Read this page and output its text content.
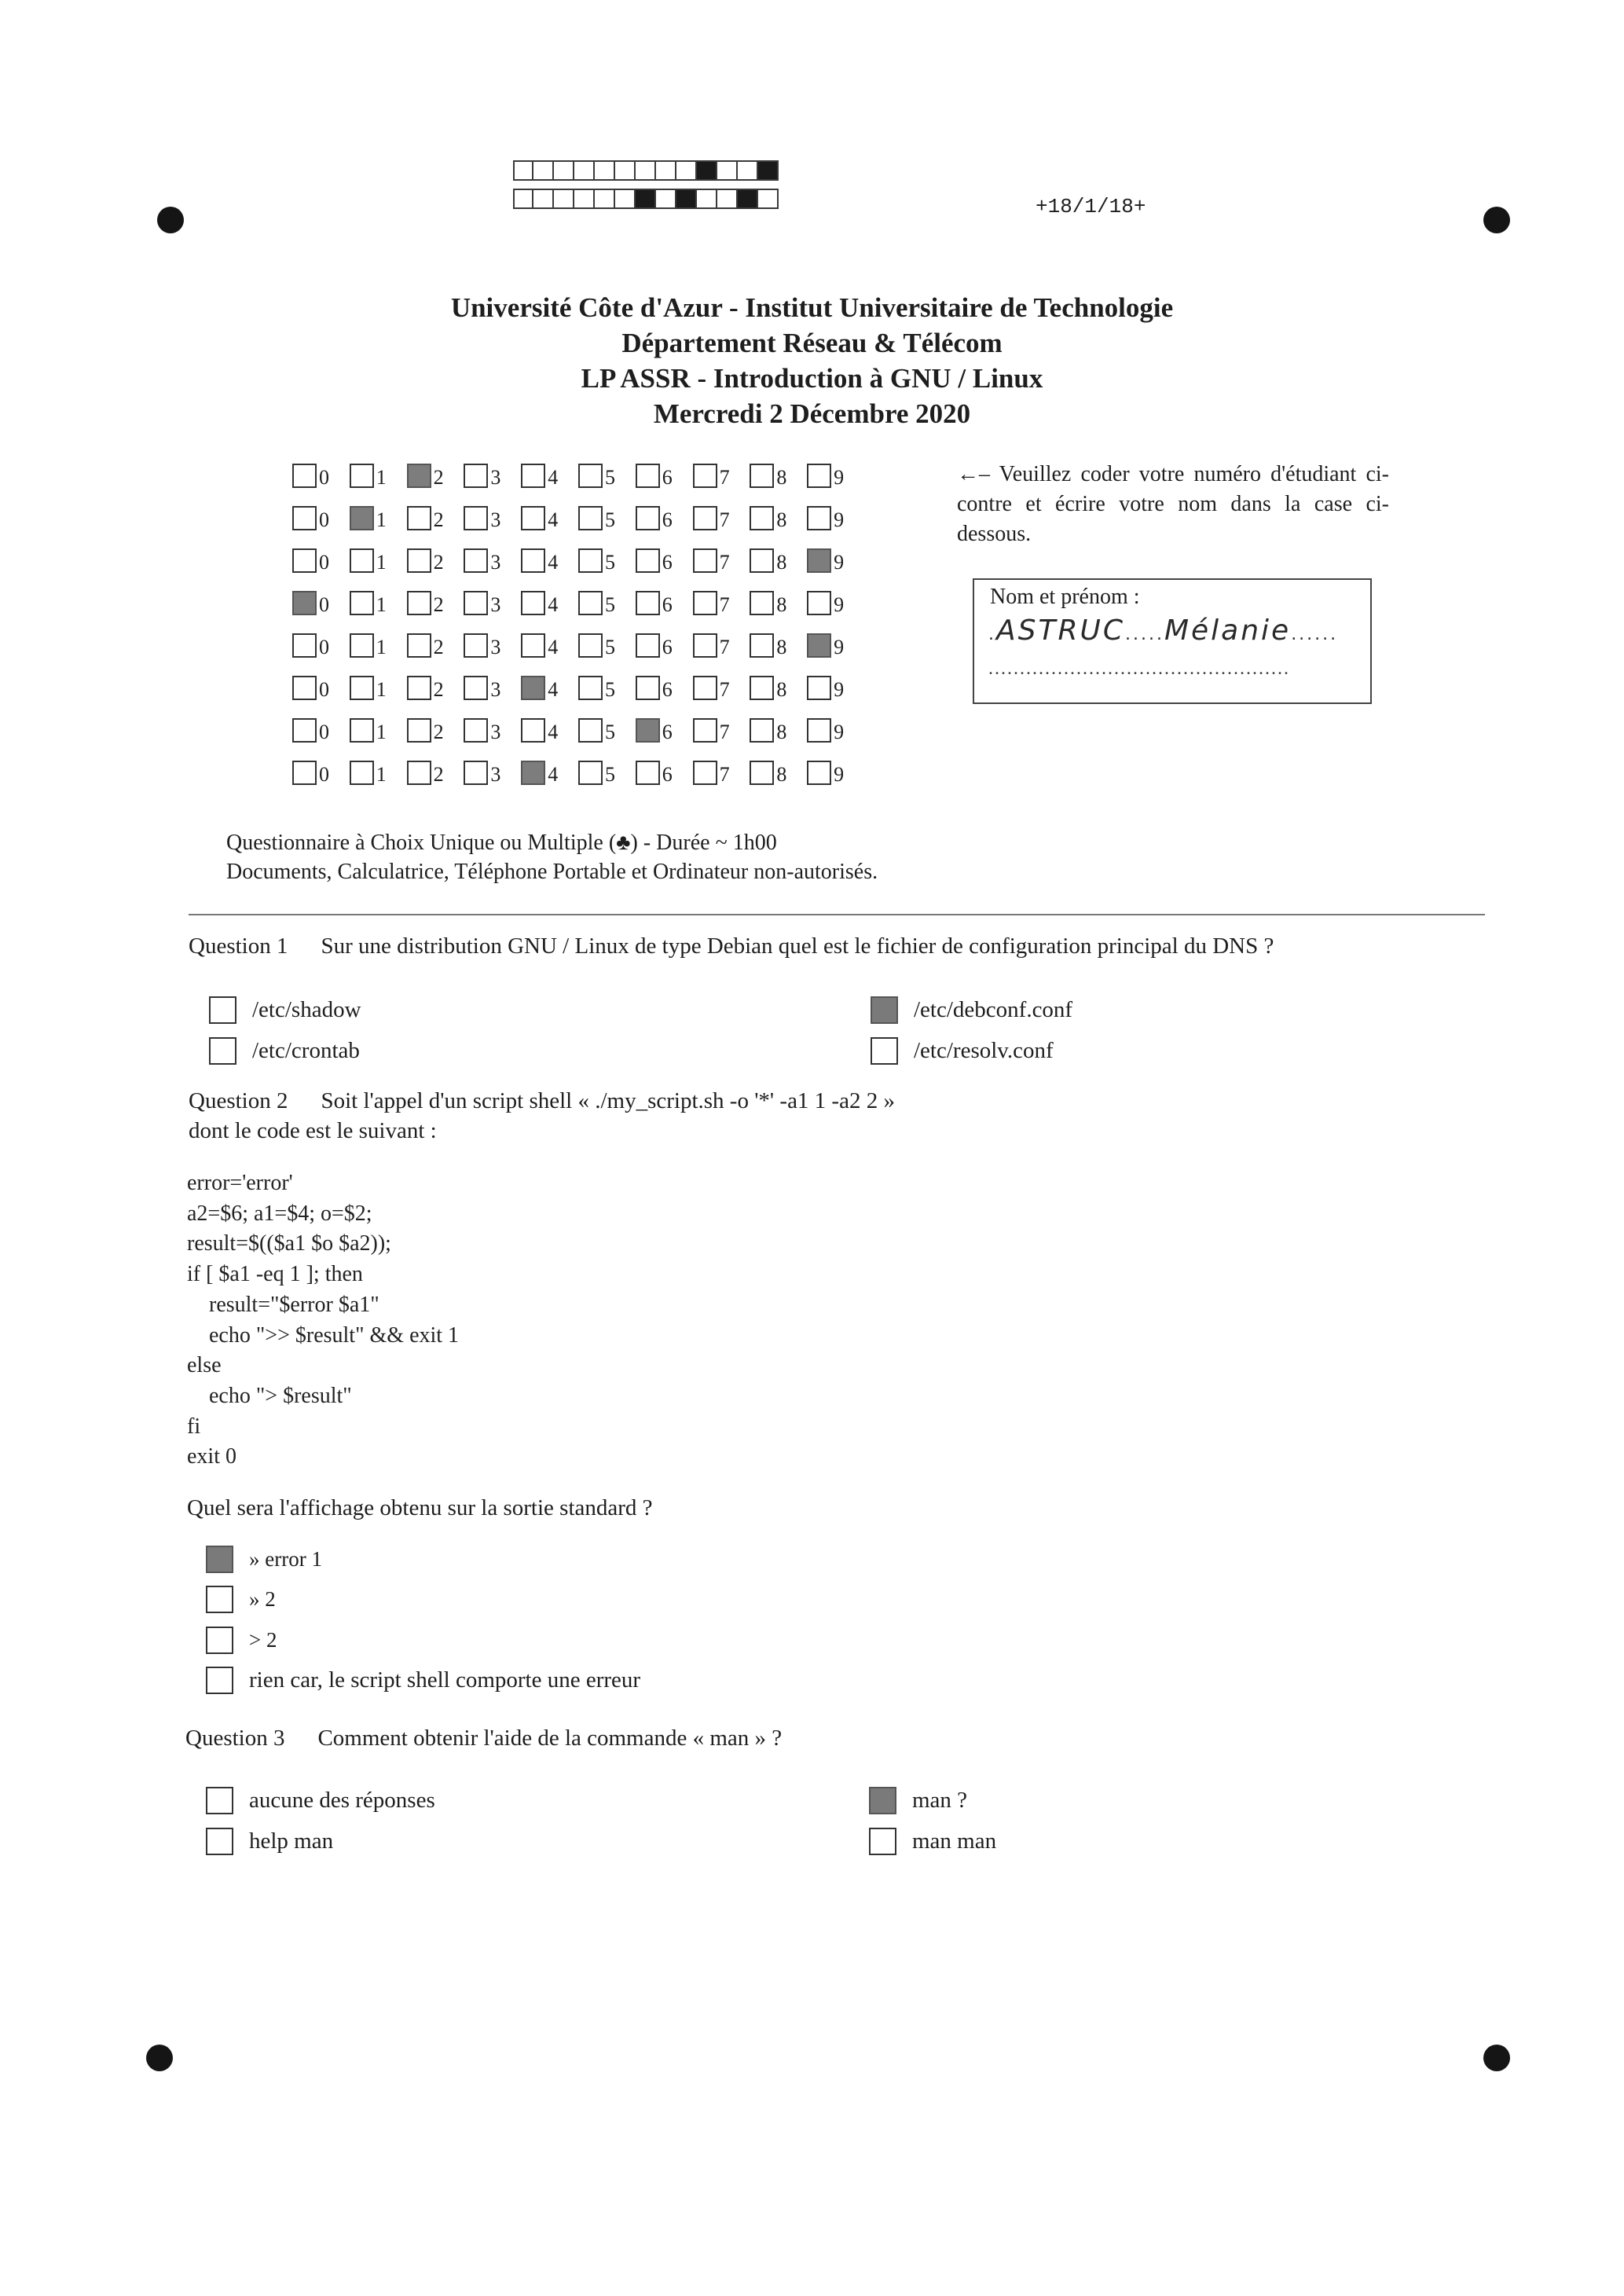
+18/1/18+
Université Côte d'Azur - Institut Universitaire de Technologie
Département Réseau & Télécom
LP ASSR - Introduction à GNU / Linux
Mercredi 2 Décembre 2020
0 1 2 3 4 5 6 7 8 9
0 1 2 3 4 5 6 7 8 9
0 1 2 3 4 5 6 7 8 9
0 1 2 3 4 5 6 7 8 9
0 1 2 3 4 5 6 7 8 9
0 1 2 3 4 5 6 7 8 9
0 1 2 3 4 5 6 7 8 9
0 1 2 3 4 5 6 7 8 9
←– Veuillez coder votre numéro d'étudiant ci-contre et écrire votre nom dans la case ci-dessous.
Nom et prénom :
.ASTRUC.....Mélanie......
................................................
Questionnaire à Choix Unique ou Multiple (♣) - Durée ~ 1h00
Documents, Calculatrice, Téléphone Portable et Ordinateur non-autorisés.
Question 1 Sur une distribution GNU / Linux de type Debian quel est le fichier de configuration principal du DNS ?
/etc/shadow	/etc/debconf.conf
/etc/crontab	/etc/resolv.conf
Question 2 Soit l'appel d'un script shell « ./my_script.sh -o '*' -a1 1 -a2 2 »
dont le code est le suivant :
error='error'
a2=$6; a1=$4; o=$2;
result=$(($a1 $o $a2));
if [ $a1 -eq 1 ]; then
result="$error $a1"
echo ">> $result" && exit 1
else
echo "> $result"
fi
exit 0
Quel sera l'affichage obtenu sur la sortie standard ?
» error 1
» 2
> 2
rien car, le script shell comporte une erreur
Question 3 Comment obtenir l'aide de la commande « man » ?
aucune des réponses	man ?
help man	man man
